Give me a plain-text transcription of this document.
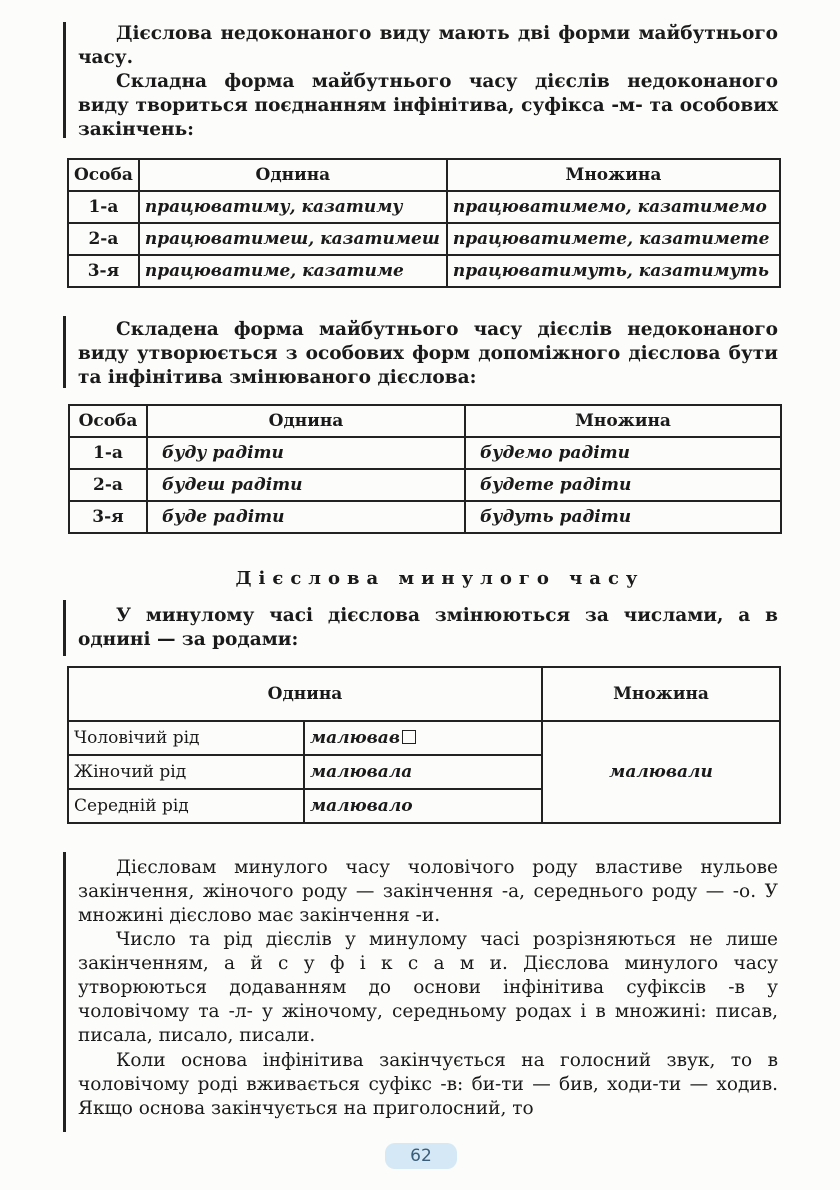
Дієслова недоконаного виду мають дві форми майбутнього часу.

Складна форма майбутнього часу дієслів недоконаного виду твориться поєднанням інфінітива, суфікса -м- та особових закінчень:

Особа	Однина	Множина
1-а	працюватиму, казатиму	працюватимемо, казатимемо
2-а	працюватимеш, казатимеш	працюватимете, казатимете
3-я	працюватиме, казатиме	працюватимуть, казатимуть

Складена форма майбутнього часу дієслів недоконаного виду утворюється з особових форм допоміжного дієслова бути та інфінітива змінюваного дієслова:

Особа	Однина	Множина
1-а	буду радіти	будемо радіти
2-а	будеш радіти	будете радіти
3-я	буде радіти	будуть радіти
Дієслова минулого часу

У минулому часі дієслова змінюються за числами, а в однині — за родами:

Однина		Множина
Чоловічий рід	малював	малювали
Жіночий рід	малювала	
Середній рід	малювало	

Дієсловам минулого часу чоловічого роду властиве нульове закінчення, жіночого роду — закінчення -а, середнього роду — -о. У множині дієслово має закінчення -и.

Число та рід дієслів у минулому часі розрізняються не лише закінченням, а й с у ф і к с а м и. Дієслова минулого часу утворюються додаванням до основи інфінітива суфіксів -в у чоловічому та -л- у жіночому, середньому родах і в множині: писав, писала, писало, писали.

Коли основа інфінітива закінчується на голосний звук, то в чоловічому роді вживається суфікс -в: би-ти — бив, ходи-ти — ходив. Якщо основа закінчується на приголосний, то

62
